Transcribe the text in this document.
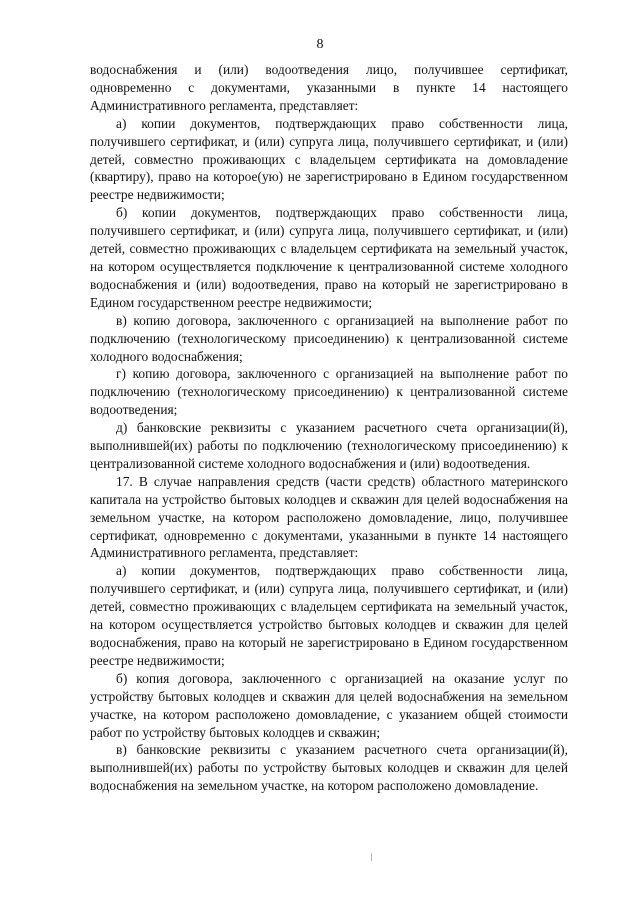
8

водоснабжения и (или) водоотведения лицо, получившее сертификат, одновременно с документами, указанными в пункте 14 настоящего Административного регламента, представляет:

а) копии документов, подтверждающих право собственности лица, получившего сертификат, и (или) супруга лица, получившего сертификат, и (или) детей, совместно проживающих с владельцем сертификата на домовладение (квартиру), право на которое(ую) не зарегистрировано в Едином государственном реестре недвижимости;

б) копии документов, подтверждающих право собственности лица, получившего сертификат, и (или) супруга лица, получившего сертификат, и (или) детей, совместно проживающих с владельцем сертификата на земельный участок, на котором осуществляется подключение к централизованной системе холодного водоснабжения и (или) водоотведения, право на который не зарегистрировано в Едином государственном реестре недвижимости;

в) копию договора, заключенного с организацией на выполнение работ по подключению (технологическому присоединению) к централизованной системе холодного водоснабжения;

г) копию договора, заключенного с организацией на выполнение работ по подключению (технологическому присоединению) к централизованной системе водоотведения;

д) банковские реквизиты с указанием расчетного счета организации(й), выполнившей(их) работы по подключению (технологическому присоединению) к централизованной системе холодного водоснабжения и (или) водоотведения.

17. В случае направления средств (части средств) областного материнского капитала на устройство бытовых колодцев и скважин для целей водоснабжения на земельном участке, на котором расположено домовладение, лицо, получившее сертификат, одновременно с документами, указанными в пункте 14 настоящего Административного регламента, представляет:

а) копии документов, подтверждающих право собственности лица, получившего сертификат, и (или) супруга лица, получившего сертификат, и (или) детей, совместно проживающих с владельцем сертификата на земельный участок, на котором осуществляется устройство бытовых колодцев и скважин для целей водоснабжения, право на который не зарегистрировано в Едином государственном реестре недвижимости;

б) копия договора, заключенного с организацией на оказание услуг по устройству бытовых колодцев и скважин для целей водоснабжения на земельном участке, на котором расположено домовладение, с указанием общей стоимости работ по устройству бытовых колодцев и скважин;

в) банковские реквизиты с указанием расчетного счета организации(й), выполнившей(их) работы по устройству бытовых колодцев и скважин для целей водоснабжения на земельном участке, на котором расположено домовладение.
